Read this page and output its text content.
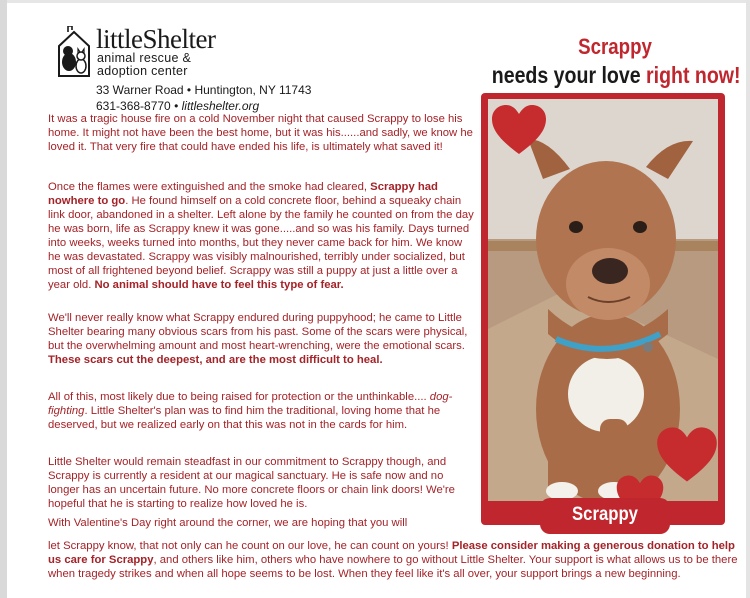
littleShelter
animal rescue &
adoption center
33 Warner Road • Huntington, NY 11743
631-368-8770 • littleshelter.org
Scrappy
needs your love right now!

It was a tragic house fire on a cold November night that caused Scrappy to lose his home. It might not have been the best home, but it was his......and sadly, we know he loved it. That very fire that could have ended his life, is ultimately what saved it!

Once the flames were extinguished and the smoke had cleared, Scrappy had nowhere to go. He found himself on a cold concrete floor, behind a squeaky chain link door, abandoned in a shelter. Left alone by the family he counted on from the day he was born, life as Scrappy knew it was gone.....and so was his family. Days turned into weeks, weeks turned into months, but they never came back for him. We know he was devastated. Scrappy was visibly malnourished, terribly under socialized, but most of all frightened beyond belief. Scrappy was still a puppy at just a little over a year old. No animal should have to feel this type of fear.

We'll never really know what Scrappy endured during puppyhood; he came to Little Shelter bearing many obvious scars from his past. Some of the scars were physical, but the overwhelming amount and most heart-wrenching, were the emotional scars. These scars cut the deepest, and are the most difficult to heal.

All of this, most likely due to being raised for protection or the unthinkable.... dog-fighting. Little Shelter's plan was to find him the traditional, loving home that he deserved, but we realized early on that this was not in the cards for him.

Little Shelter would remain steadfast in our commitment to Scrappy though, and Scrappy is currently a resident at our magical sanctuary. He is safe now and no longer has an uncertain future. No more concrete floors or chain link doors! We're hopeful that he is starting to realize how loved he is.

With Valentine's Day right around the corner, we are hoping that you will

let Scrappy know, that not only can he count on our love, he can count on yours! Please consider making a generous donation to help us care for Scrappy, and others like him, others who have nowhere to go without Little Shelter. Your support is what allows us to be there when tragedy strikes and when all hope seems to be lost. When they feel like it's all over, your support brings a new beginning.
Scrappy
